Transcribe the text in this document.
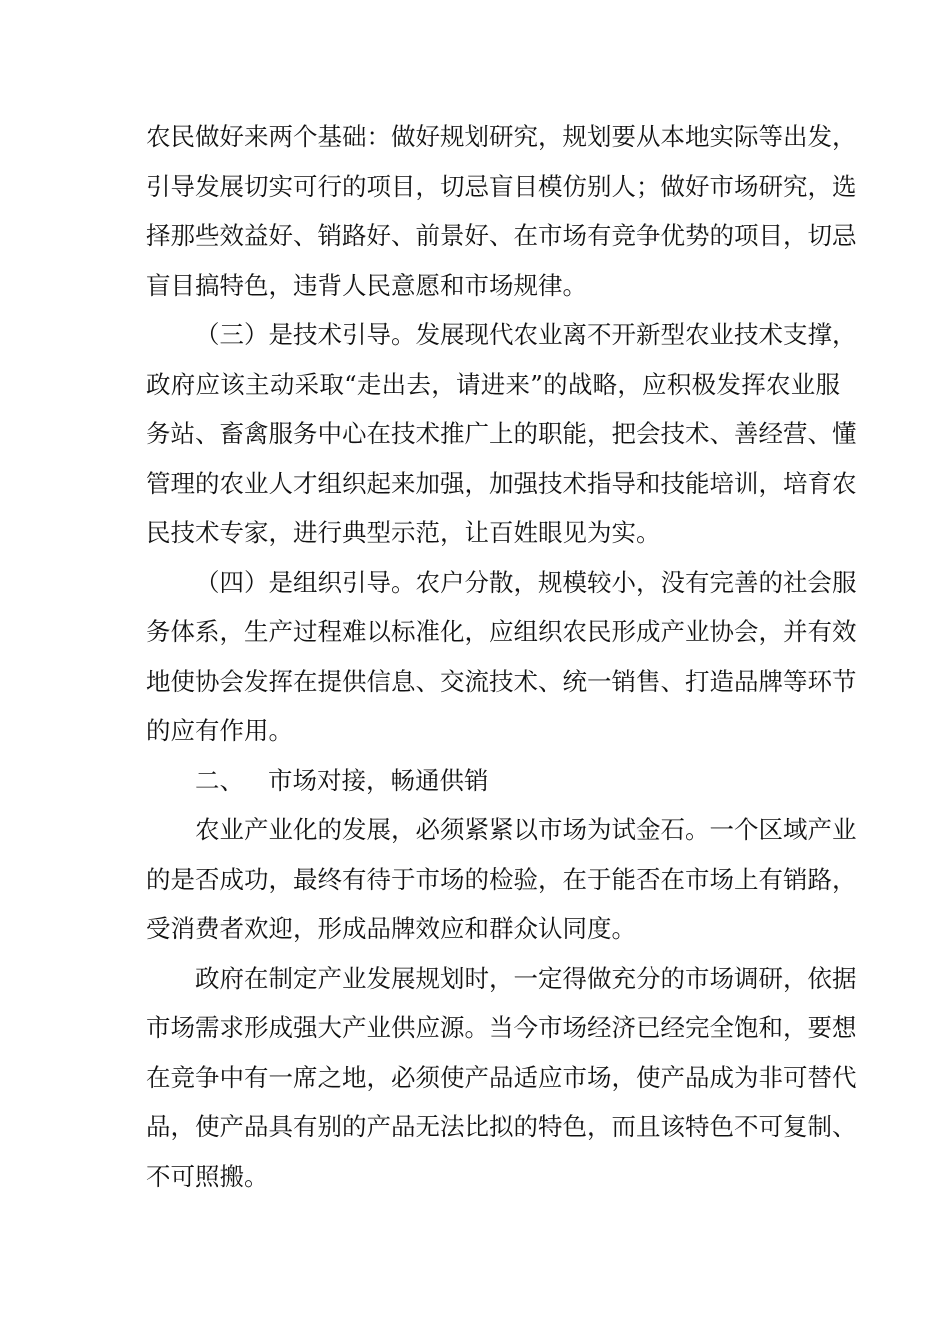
农民做好来两个基础：做好规划研究，规划要从本地实际等出发，
引导发展切实可行的项目，切忌盲目模仿别人；做好市场研究，选
择那些效益好、销路好、前景好、在市场有竞争优势的项目，切忌
盲目搞特色，违背人民意愿和市场规律。
（三）是技术引导。发展现代农业离不开新型农业技术支撑，
政府应该主动采取“走出去，请进来”的战略，应积极发挥农业服
务站、畜禽服务中心在技术推广上的职能，把会技术、善经营、懂
管理的农业人才组织起来加强，加强技术指导和技能培训，培育农
民技术专家，进行典型示范，让百姓眼见为实。
（四）是组织引导。农户分散，规模较小，没有完善的社会服
务体系，生产过程难以标准化，应组织农民形成产业协会，并有效
地使协会发挥在提供信息、交流技术、统一销售、打造品牌等环节
的应有作用。
二、 市场对接，畅通供销
农业产业化的发展，必须紧紧以市场为试金石。一个区域产业
的是否成功，最终有待于市场的检验，在于能否在市场上有销路，
受消费者欢迎，形成品牌效应和群众认同度。
政府在制定产业发展规划时，一定得做充分的市场调研，依据
市场需求形成强大产业供应源。当今市场经济已经完全饱和，要想
在竞争中有一席之地，必须使产品适应市场，使产品成为非可替代
品，使产品具有别的产品无法比拟的特色，而且该特色不可复制、
不可照搬。
